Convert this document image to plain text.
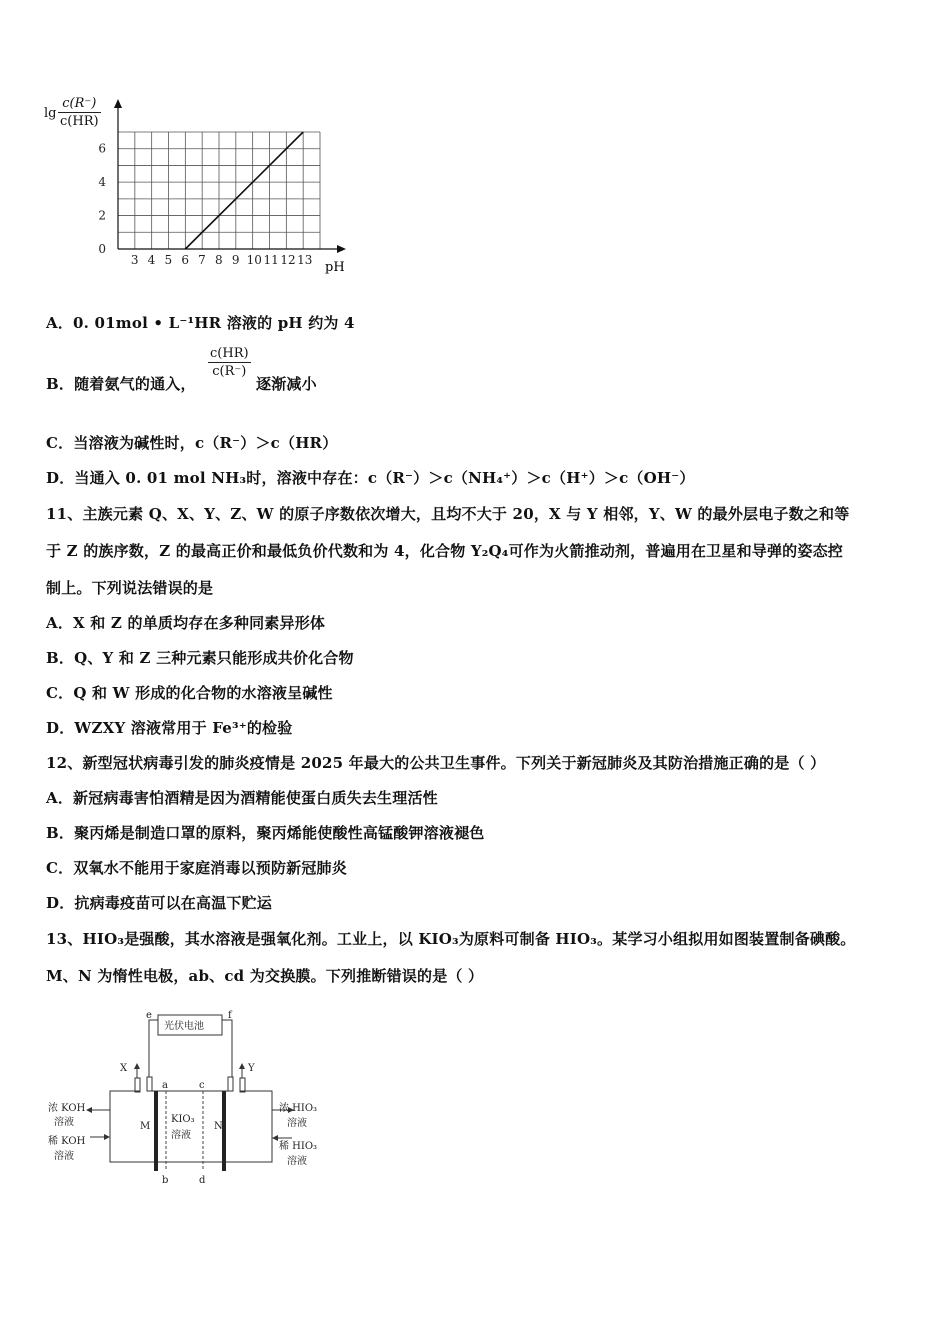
lg
c(R⁻)
c(HR)
3 4 5 6 7 8 9 10 11 12 13
0
2
4
6
pH
A．0. 01mol • L⁻¹HR 溶液的 pH 约为 4
B．随着氨气的通入，
c(HR)
c(R⁻)
逐渐减小
C．当溶液为碱性时，c（R⁻）＞c（HR）
D．当通入 0. 01 mol NH₃时，溶液中存在：c（R⁻）＞c（NH₄⁺）＞c（H⁺）＞c（OH⁻）
11、主族元素 Q、X、Y、Z、W 的原子序数依次增大，且均不大于 20，X 与 Y 相邻，Y、W 的最外层电子数之和等
于 Z 的族序数，Z 的最高正价和最低负价代数和为 4，化合物 Y₂Q₄可作为火箭推动剂，普遍用在卫星和导弹的姿态控
制上。下列说法错误的是
A．X 和 Z 的单质均存在多种同素异形体
B．Q、Y 和 Z 三种元素只能形成共价化合物
C．Q 和 W 形成的化合物的水溶液呈碱性
D．WZXY 溶液常用于 Fe³⁺的检验
12、新型冠状病毒引发的肺炎疫情是 2025 年最大的公共卫生事件。下列关于新冠肺炎及其防治措施正确的是（ ）
A．新冠病毒害怕酒精是因为酒精能使蛋白质失去生理活性
B．聚丙烯是制造口罩的原料，聚丙烯能使酸性高锰酸钾溶液褪色
C．双氧水不能用于家庭消毒以预防新冠肺炎
D．抗病毒疫苗可以在高温下贮运
13、HIO₃是强酸，其水溶液是强氧化剂。工业上，以 KIO₃为原料可制备 HIO₃。某学习小组拟用如图装置制备碘酸。
M、N 为惰性电极，ab、cd 为交换膜。下列推断错误的是（ ）
光伏电池
e	f
X	Y
a	c
b	d
M	N
KIO₃
溶液
浓 KOH
溶液
稀 KOH
溶液
浓 HIO₃
溶液
稀 HIO₃
溶液
